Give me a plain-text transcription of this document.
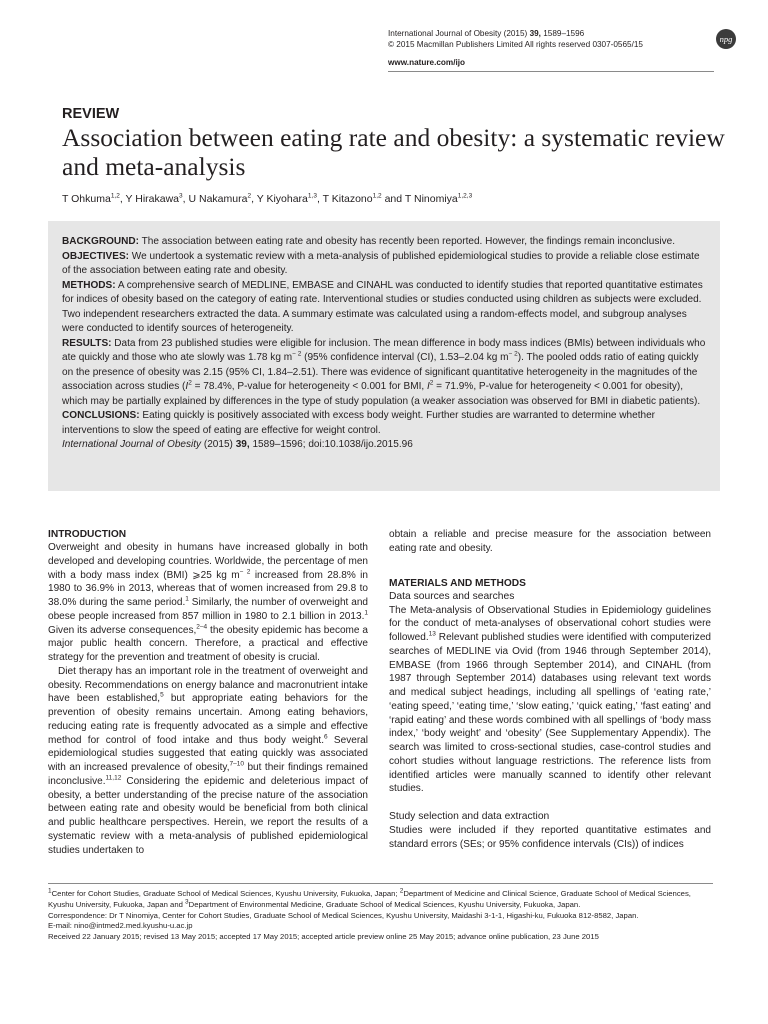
International Journal of Obesity (2015) 39, 1589–1596
© 2015 Macmillan Publishers Limited All rights reserved 0307-0565/15
www.nature.com/ijo
npg
REVIEW
Association between eating rate and obesity: a systematic review and meta-analysis
T Ohkuma$^{1,2}$, Y Hirakawa$^3$, U Nakamura$^2$, Y Kiyohara$^{1,3}$, T Kitazono$^{1,2}$ and T Ninomiya$^{1,2,3}$

BACKGROUND: The association between eating rate and obesity has recently been reported. However, the findings remain inconclusive.

OBJECTIVES: We undertook a systematic review with a meta-analysis of published epidemiological studies to provide a reliable close estimate of the association between eating rate and obesity.

METHODS: A comprehensive search of MEDLINE, EMBASE and CINAHL was conducted to identify studies that reported quantitative estimates for indices of obesity based on the category of eating rate. Interventional studies or studies conducted using children as subjects were excluded. Two independent researchers extracted the data. A summary estimate was calculated using a random-effects model, and subgroup analyses were conducted to identify sources of heterogeneity.

RESULTS: Data from 23 published studies were eligible for inclusion. The mean difference in body mass indices (BMIs) between individuals who ate quickly and those who ate slowly was 1.78 kg $m^{- 2}$ (95% confidence interval (CI), 1.53–2.04 kg $m^{- 2}$). The pooled odds ratio of eating quickly on the presence of obesity was 2.15 (95% CI, 1.84–2.51). There was evidence of significant quantitative heterogeneity in the magnitudes of the association across studies ($I^2 = 78.4\%$, P-value for heterogeneity < 0.001 for BMI, $I^2 = 71.9\%$, P-value for heterogeneity < 0.001 for obesity), which may be partially explained by differences in the type of study population (a weaker association was observed for BMI in diabetic patients).

CONCLUSIONS: Eating quickly is positively associated with excess body weight. Further studies are warranted to determine whether interventions to slow the speed of eating are effective for weight control.

International Journal of Obesity (2015) 39, 1589–1596; doi:10.1038/ijo.2015.96

INTRODUCTION

Overweight and obesity in humans have increased globally in both developed and developing countries. Worldwide, the percentage of men with a body mass index (BMI) ⩾25 kg $m^{- 2}$ increased from 28.8% in 1980 to 36.9% in 2013, whereas that of women increased from 29.8 to 38.0% during the same period.$^1$ Similarly, the number of overweight and obese people increased from 857 million in 1980 to 2.1 billion in 2013.$^1$ Given its adverse consequences,$^{2-4}$ the obesity epidemic has become a major public health concern. Therefore, a practical and effective strategy for the prevention and treatment of obesity is crucial.

Diet therapy has an important role in the treatment of overweight and obesity. Recommendations on energy balance and macronutrient intake have been established,$^5$ but appropriate eating behaviors for the prevention of obesity remains uncertain. Among eating behaviors, reducing eating rate is frequently advocated as a simple and effective method for control of food intake and thus body weight.$^6$ Several epidemiological studies suggested that eating quickly was associated with an increased prevalence of obesity,$^{7-10}$ but their findings remained inconclusive.$^{11,12}$ Considering the epidemic and deleterious impact of obesity, a better understanding of the precise nature of the association between eating rate and obesity would be beneficial from both clinical and public healthcare perspectives. Herein, we report the results of a systematic review with a meta-analysis of published epidemiological studies undertaken to

obtain a reliable and precise measure for the association between eating rate and obesity.

MATERIALS AND METHODS
Data sources and searches

The Meta-analysis of Observational Studies in Epidemiology guidelines for the conduct of meta-analyses of observational cohort studies were followed.$^{13}$ Relevant published studies were identified with computerized searches of MEDLINE via Ovid (from 1946 through September 2014), EMBASE (from 1966 through September 2014), and CINAHL (from 1987 through September 2014) databases using relevant text words and medical subject headings, including all spellings of ‘eating rate,’ ‘eating speed,’ ‘eating time,’ ‘slow eating,’ ‘quick eating,’ ‘fast eating’ and ‘rapid eating’ and these words combined with all spellings of ‘body mass index,’ ‘body weight’ and ‘obesity’ (See Supplementary Appendix). The search was limited to cross-sectional studies, case-control studies and cohort studies without language restrictions. The reference lists from identified articles were manually scanned to identify other relevant studies.

Study selection and data extraction

Studies were included if they reported quantitative estimates and standard errors (SEs; or 95% confidence intervals (CIs)) of indices

$^1$Center for Cohort Studies, Graduate School of Medical Sciences, Kyushu University, Fukuoka, Japan; $^2$Department of Medicine and Clinical Science, Graduate School of Medical Sciences, Kyushu University, Fukuoka, Japan and $^3$Department of Environmental Medicine, Graduate School of Medical Sciences, Kyushu University, Fukuoka, Japan.

Correspondence: Dr T Ninomiya, Center for Cohort Studies, Graduate School of Medical Sciences, Kyushu University, Maidashi 3-1-1, Higashi-ku, Fukuoka 812-8582, Japan.

E-mail: nino@intmed2.med.kyushu-u.ac.jp

Received 22 January 2015; revised 13 May 2015; accepted 17 May 2015; accepted article preview online 25 May 2015; advance online publication, 23 June 2015
